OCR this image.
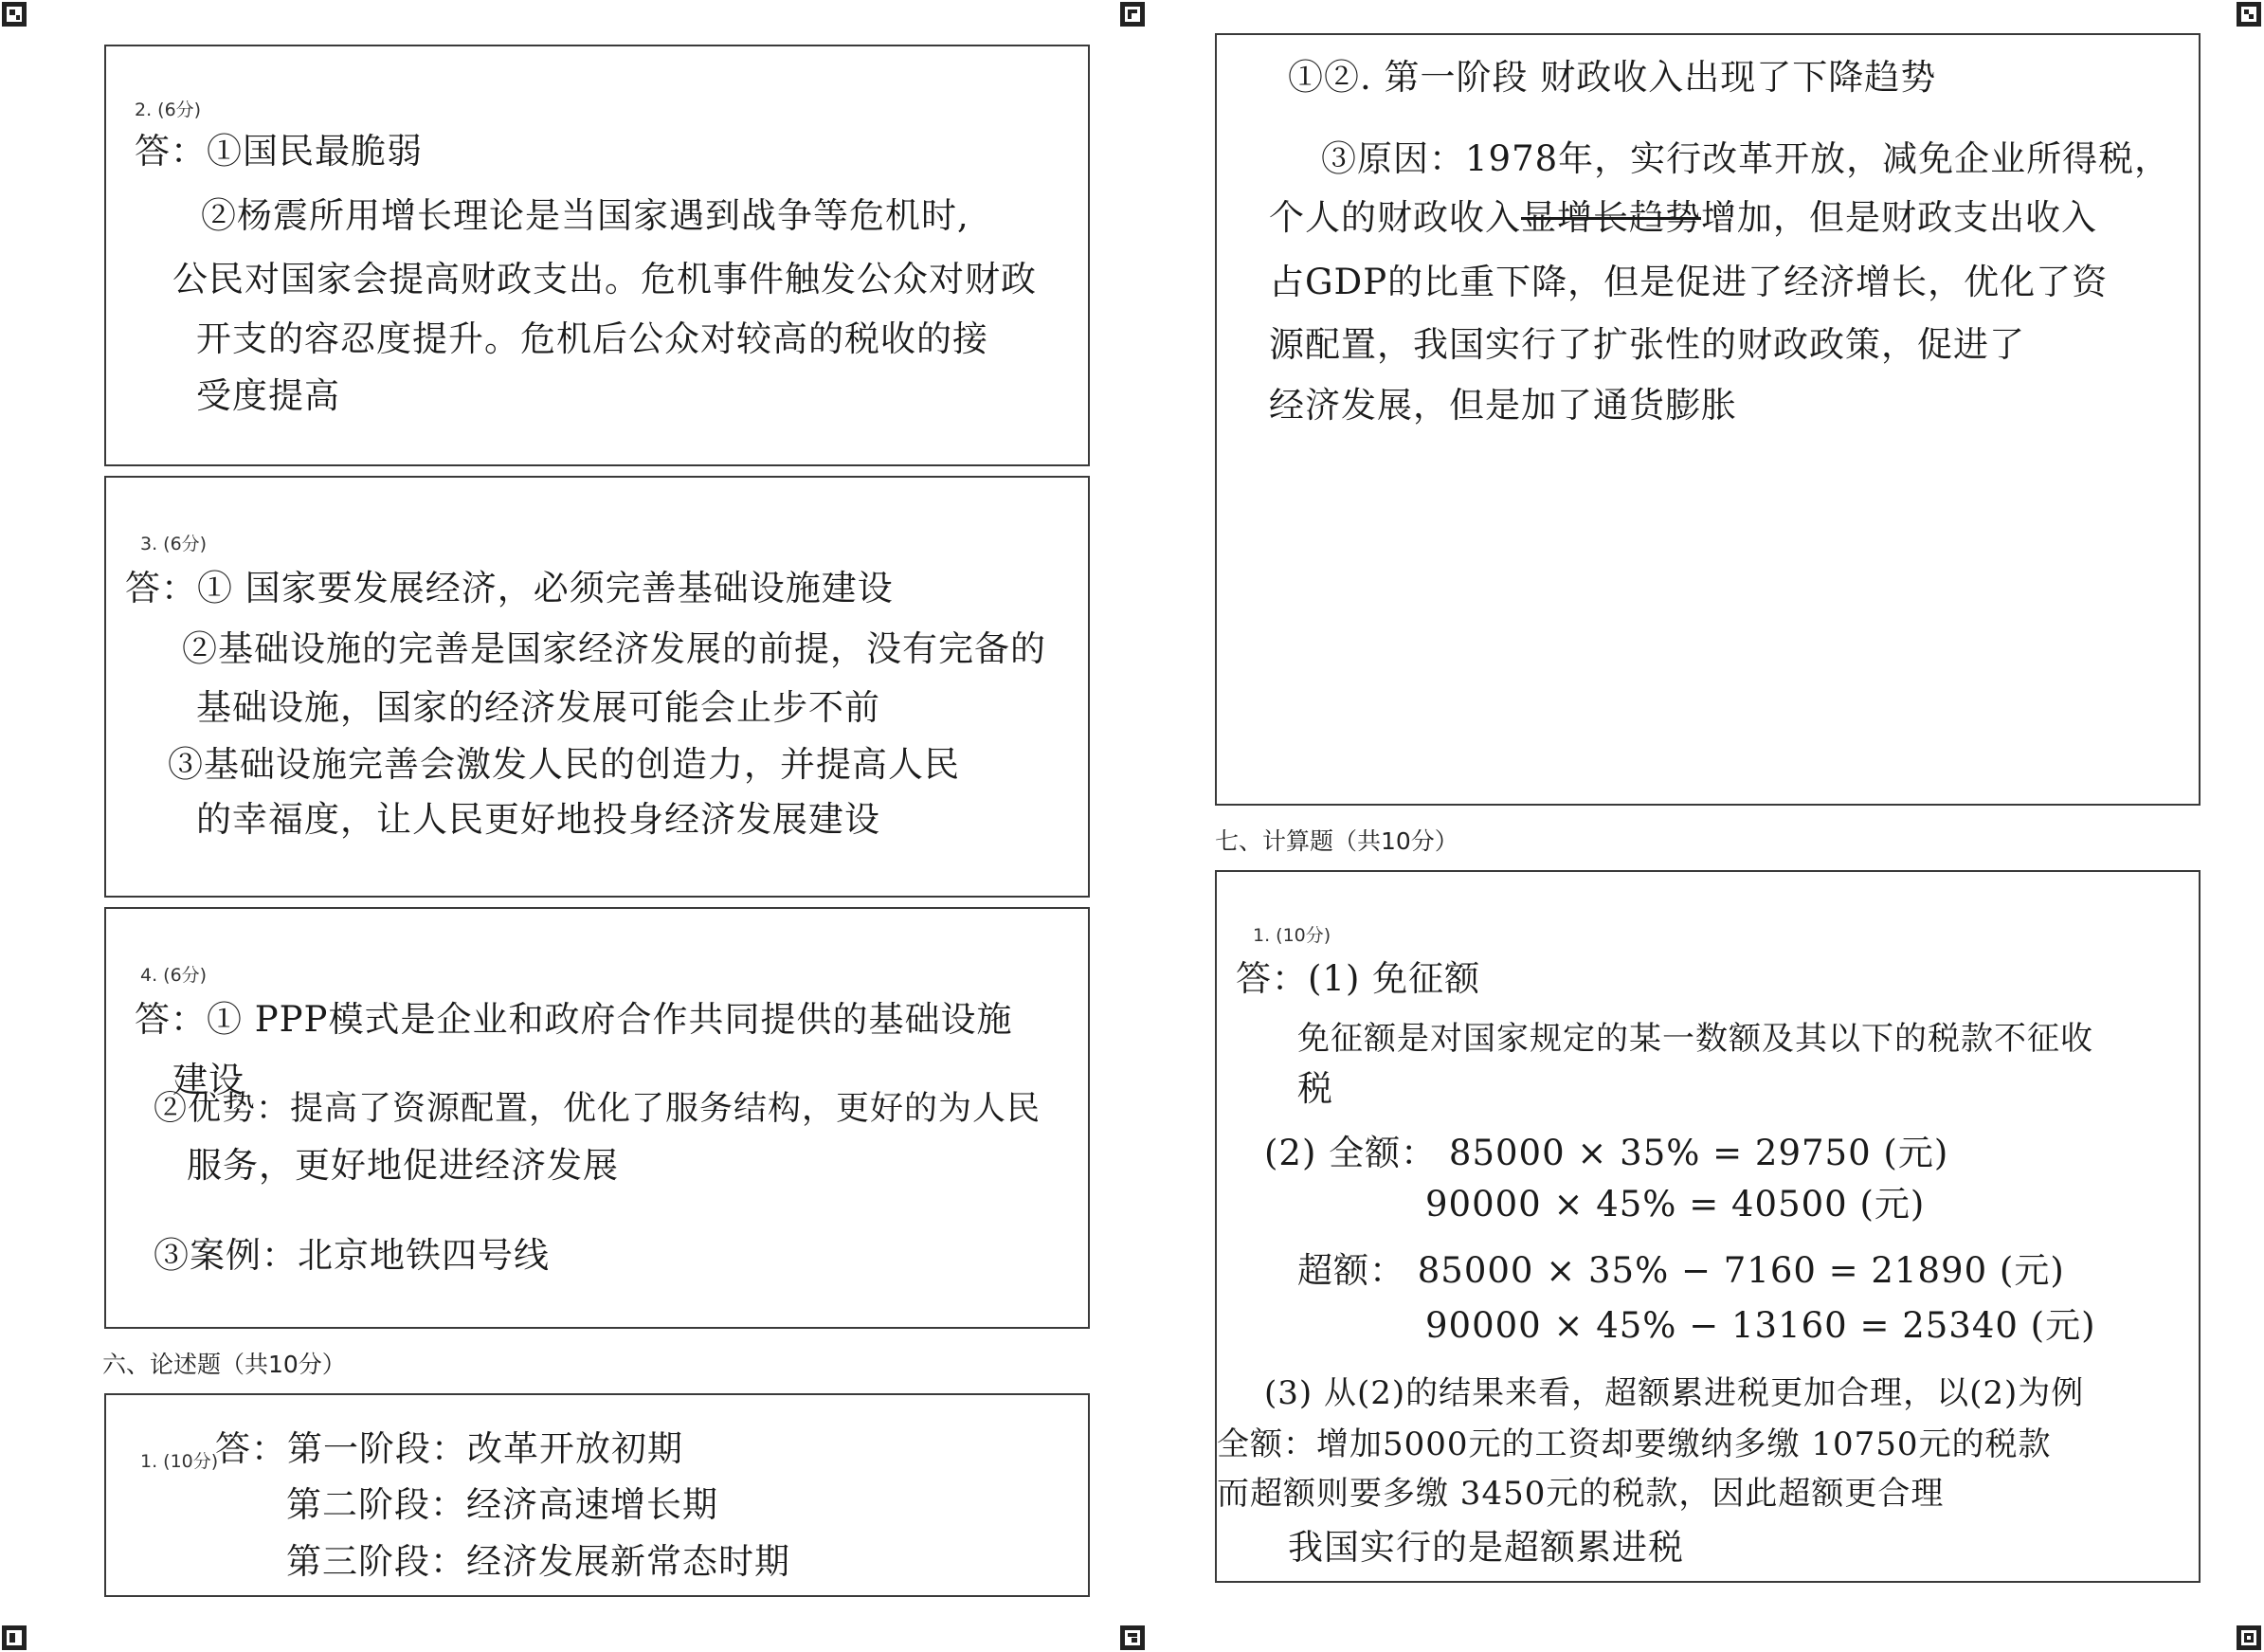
2. (6分)
答：①国民最脆弱
②杨震所用增长理论是当国家遇到战争等危机时,
公民对国家会提高财政支出。危机事件触发公众对财政
开支的容忍度提升。危机后公众对较高的税收的接
受度提高
3. (6分)
答：① 国家要发展经济，必须完善基础设施建设
②基础设施的完善是国家经济发展的前提，没有完备的
基础设施，国家的经济发展可能会止步不前
③基础设施完善会激发人民的创造力，并提高人民
的幸福度，让人民更好地投身经济发展建设
4. (6分)
答：① PPP模式是企业和政府合作共同提供的基础设施
建设
②优势：提高了资源配置，优化了服务结构，更好的为人民
服务，更好地促进经济发展
③案例：北京地铁四号线
六、论述题（共10分）
1. (10分)
答：第一阶段：改革开放初期
第二阶段：经济高速增长期
第三阶段：经济发展新常态时期
①②. 第一阶段 财政收入出现了下降趋势
③原因：1978年，实行改革开放，减免企业所得税，
个人的财政收入显增长趋势增加，但是财政支出收入
占GDP的比重下降，但是促进了经济增长，优化了资
源配置，我国实行了扩张性的财政政策，促进了
经济发展，但是加了通货膨胀
七、计算题（共10分）
1. (10分)
答：(1) 免征额
免征额是对国家规定的某一数额及其以下的税款不征收
税
(2) 全额： 85000 × 35% = 29750 (元)
90000 × 45% = 40500 (元)
超额： 85000 × 35% − 7160 = 21890 (元)
90000 × 45% − 13160 = 25340 (元)
(3) 从(2)的结果来看，超额累进税更加合理，以(2)为例
全额：增加5000元的工资却要缴纳多缴 10750元的税款
而超额则要多缴 3450元的税款，因此超额更合理
我国实行的是超额累进税
